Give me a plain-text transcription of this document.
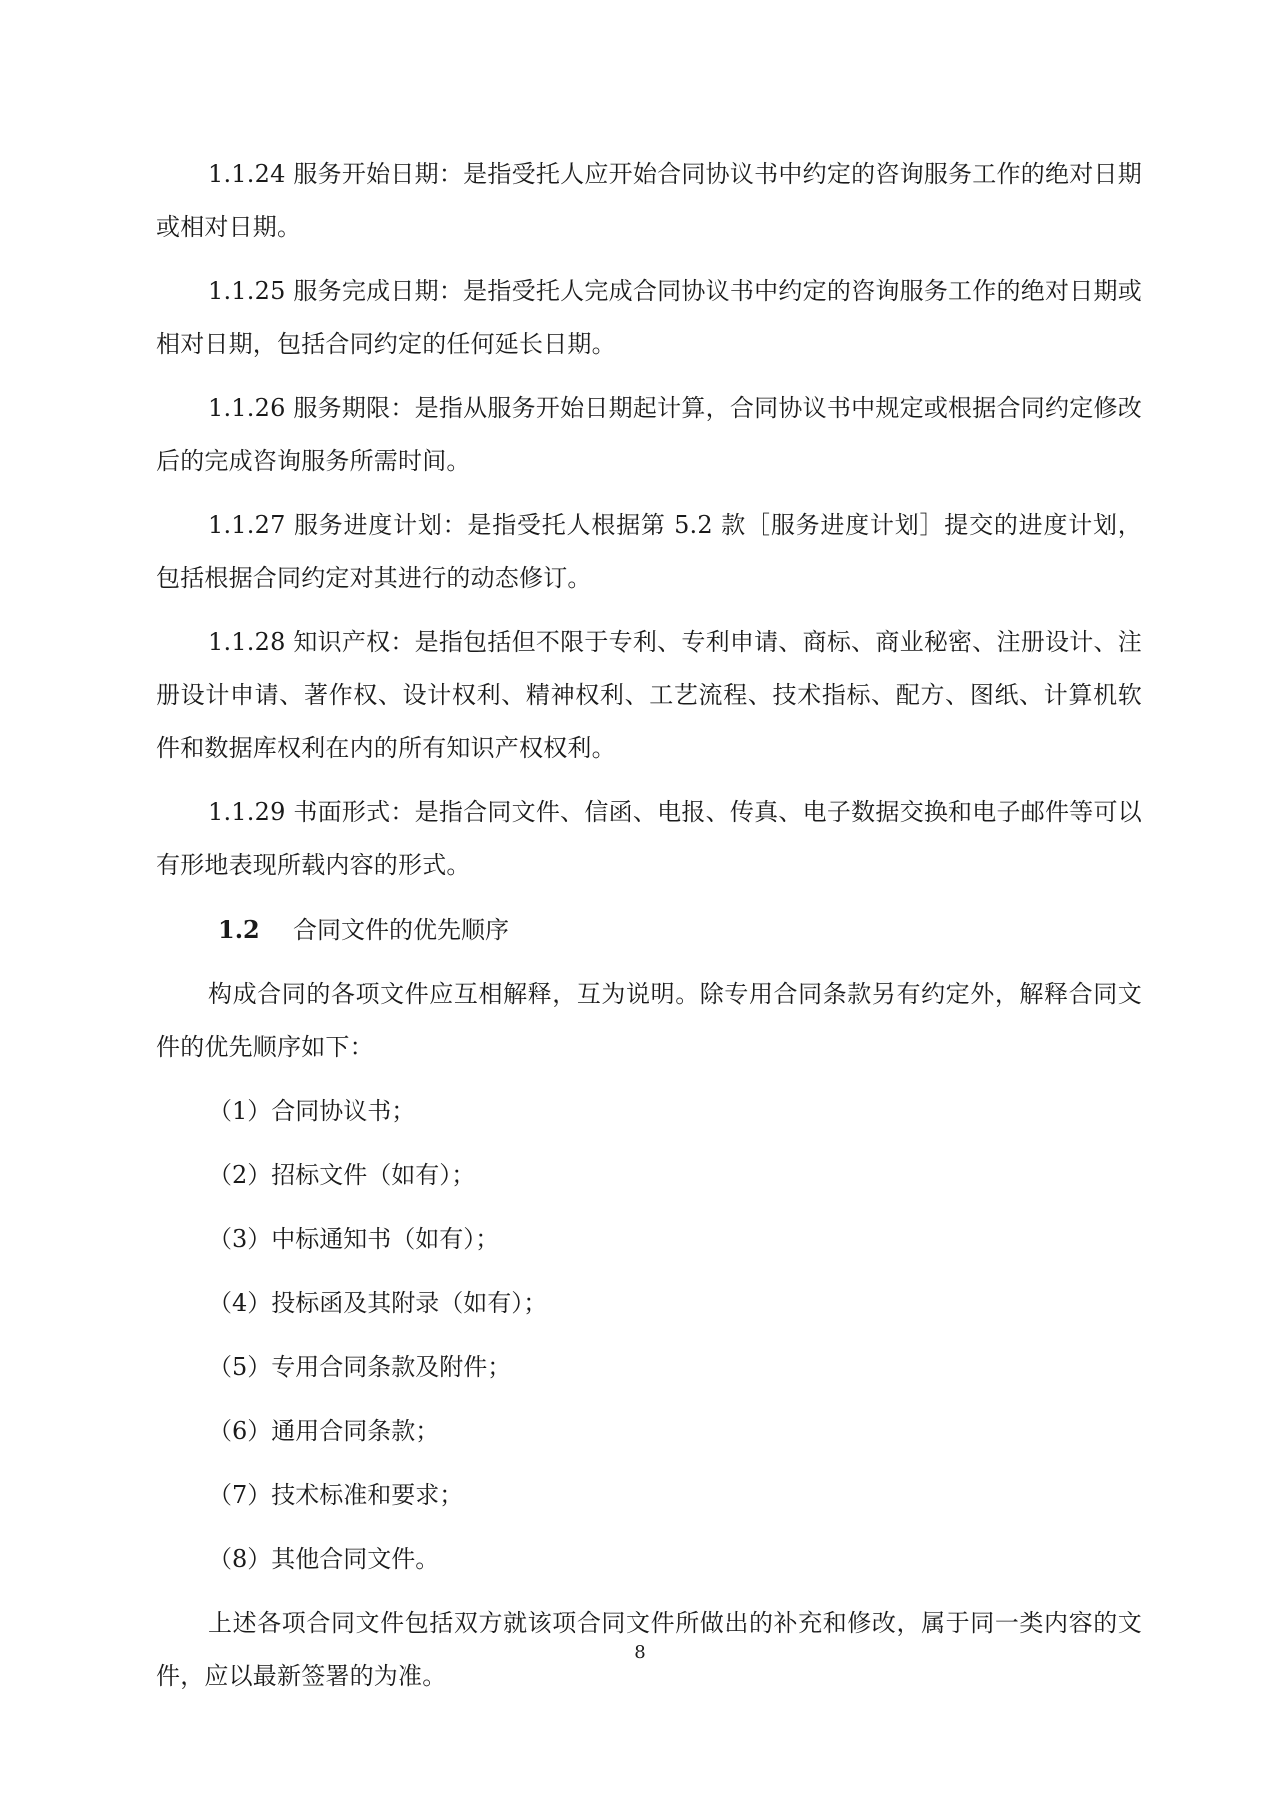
1.1.24 服务开始日期：是指受托人应开始合同协议书中约定的咨询服务工作的绝对日期或相对日期。

1.1.25 服务完成日期：是指受托人完成合同协议书中约定的咨询服务工作的绝对日期或相对日期，包括合同约定的任何延长日期。

1.1.26 服务期限：是指从服务开始日期起计算，合同协议书中规定或根据合同约定修改后的完成咨询服务所需时间。

1.1.27 服务进度计划：是指受托人根据第 5.2 款［服务进度计划］提交的进度计划，包括根据合同约定对其进行的动态修订。

1.1.28 知识产权：是指包括但不限于专利、专利申请、商标、商业秘密、注册设计、注册设计申请、著作权、设计权利、精神权利、工艺流程、技术指标、配方、图纸、计算机软件和数据库权利在内的所有知识产权权利。

1.1.29 书面形式：是指合同文件、信函、电报、传真、电子数据交换和电子邮件等可以有形地表现所载内容的形式。

1.2 合同文件的优先顺序

构成合同的各项文件应互相解释，互为说明。除专用合同条款另有约定外，解释合同文件的优先顺序如下：

（1）合同协议书；
（2）招标文件（如有）；
（3）中标通知书（如有）；
（4）投标函及其附录（如有）；
（5）专用合同条款及附件；
（6）通用合同条款；
（7）技术标准和要求；
（8）其他合同文件。

上述各项合同文件包括双方就该项合同文件所做出的补充和修改，属于同一类内容的文件，应以最新签署的为准。

8
